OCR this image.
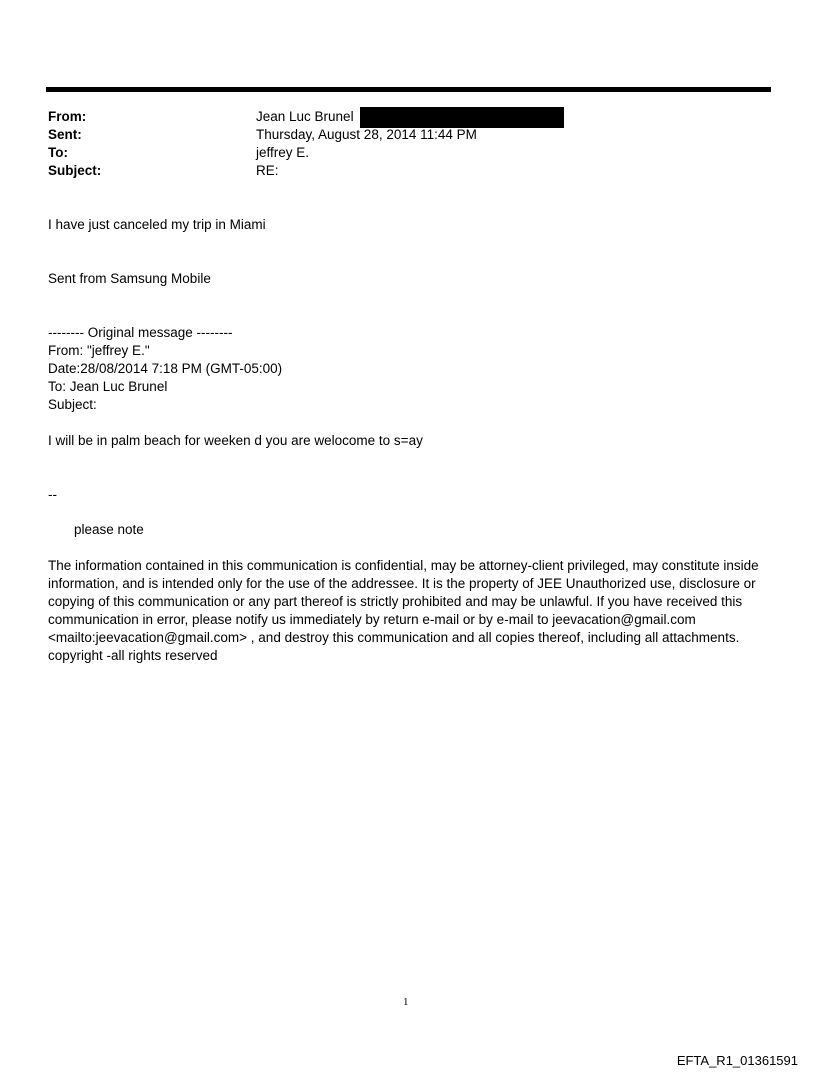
From:	Jean Luc Brunel
Sent:	Thursday, August 28, 2014 11:44 PM
To:	jeffrey E.
Subject:	RE:
I have just canceled my trip in Miami
Sent from Samsung Mobile
-------- Original message --------
From: "jeffrey E."
Date:28/08/2014 7:18 PM (GMT-05:00)
To: Jean Luc Brunel
Subject:
I will be in palm beach for weeken d you are welocome to s=ay
--
please note
The information contained in this communication is confidential, may be attorney-client privileged, may constitute inside information, and is intended only for the use of the addressee. It is the property of JEE Unauthorized use, disclosure or copying of this communication or any part thereof is strictly prohibited and may be unlawful. If you have received this communication in error, please notify us immediately by return e-mail or by e-mail to jeevacation@gmail.com <mailto:jeevacation@gmail.com> , and destroy this communication and all copies thereof, including all attachments. copyright -all rights reserved
1
EFTA_R1_01361591
